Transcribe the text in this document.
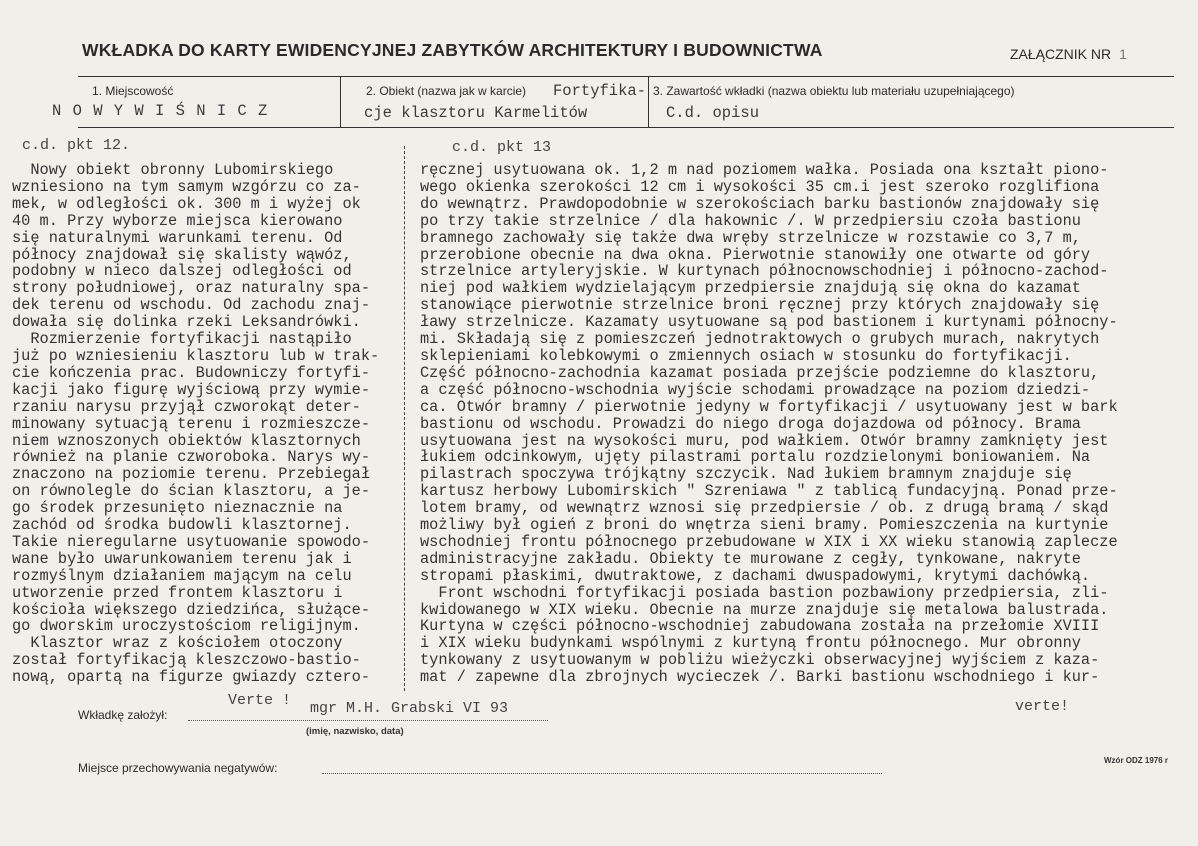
WKŁADKA DO KARTY EWIDENCYJNEJ ZABYTKÓW ARCHITEKTURY I BUDOWNICTWA	ZAŁĄCZNIK NR 1
1. Miejscowość
N O W Y W I Ś N I C Z
2. Obiekt (nazwa jak w karcie) Fortyfika-
cje klasztoru Karmelitów
3. Zawartość wkładki (nazwa obiektu lub materiału uzupełniającego)
C.d. opisu
c.d. pkt 12.	c.d. pkt 13
Nowy obiekt obronny Lubomirskiego
wzniesiono na tym samym wzgórzu co za-
mek, w odległości ok. 300 m i wyżej ok
40 m. Przy wyborze miejsca kierowano
się naturalnymi warunkami terenu. Od
północy znajdował się skalisty wąwóz,
podobny w nieco dalszej odległości od
strony południowej, oraz naturalny spa-
dek terenu od wschodu. Od zachodu znaj-
dowała się dolinka rzeki Leksandrówki.
Rozmierzenie fortyfikacji nastąpiło
już po wzniesieniu klasztoru lub w trak-
cie kończenia prac. Budowniczy fortyfi-
kacji jako figurę wyjściową przy wymie-
rzaniu narysu przyjął czworokąt deter-
minowany sytuacją terenu i rozmieszcze-
niem wznoszonych obiektów klasztornych
również na planie czworoboka. Narys wy-
znaczono na poziomie terenu. Przebiegał
on równolegle do ścian klasztoru, a je-
go środek przesunięto nieznacznie na
zachód od środka budowli klasztornej.
Takie nieregularne usytuowanie spowodo-
wane było uwarunkowaniem terenu jak i
rozmyślnym działaniem mającym na celu
utworzenie przed frontem klasztoru i
kościoła większego dziedzińca, służące-
go dworskim uroczystościom religijnym.
Klasztor wraz z kościołem otoczony
został fortyfikacją kleszczowo-bastio-
nową, opartą na figurze gwiazdy cztero-
ręcznej usytuowana ok. 1,2 m nad poziomem wałka. Posiada ona kształt piono-
wego okienka szerokości 12 cm i wysokości 35 cm.i jest szeroko rozglifiona
do wewnątrz. Prawdopodobnie w szerokościach barku bastionów znajdowały się
po trzy takie strzelnice / dla hakownic /. W przedpiersiu czoła bastionu
bramnego zachowały się także dwa wręby strzelnicze w rozstawie co 3,7 m,
przerobione obecnie na dwa okna. Pierwotnie stanowiły one otwarte od góry
strzelnice artyleryjskie. W kurtynach północnowschodniej i północno-zachod-
niej pod wałkiem wydzielającym przedpiersie znajdują się okna do kazamat
stanowiące pierwotnie strzelnice broni ręcznej przy których znajdowały się
ławy strzelnicze. Kazamaty usytuowane są pod bastionem i kurtynami północny-
mi. Składają się z pomieszczeń jednotraktowych o grubych murach, nakrytych
sklepieniami kolebkowymi o zmiennych osiach w stosunku do fortyfikacji.
Część północno-zachodnia kazamat posiada przejście podziemne do klasztoru,
a część północno-wschodnia wyjście schodami prowadzące na poziom dziedzi-
ca. Otwór bramny / pierwotnie jedyny w fortyfikacji / usytuowany jest w bark
bastionu od wschodu. Prowadzi do niego droga dojazdowa od północy. Brama
usytuowana jest na wysokości muru, pod wałkiem. Otwór bramny zamknięty jest
łukiem odcinkowym, ujęty pilastrami portalu rozdzielonymi boniowaniem. Na
pilastrach spoczywa trójkątny szczycik. Nad łukiem bramnym znajduje się
kartusz herbowy Lubomirskich " Szreniawa " z tablicą fundacyjną. Ponad prze-
lotem bramy, od wewnątrz wznosi się przedpiersie / ob. z drugą bramą / skąd
możliwy był ogień z broni do wnętrza sieni bramy. Pomieszczenia na kurtynie
wschodniej frontu północnego przebudowane w XIX i XX wieku stanowią zaplecze
administracyjne zakładu. Obiekty te murowane z cegły, tynkowane, nakryte
stropami płaskimi, dwutraktowe, z dachami dwuspadowymi, krytymi dachówką.
Front wschodni fortyfikacji posiada bastion pozbawiony przedpiersia, zli-
kwidowanego w XIX wieku. Obecnie na murze znajduje się metalowa balustrada.
Kurtyna w części północno-wschodniej zabudowana została na przełomie XVIII
i XIX wieku budynkami wspólnymi z kurtyną frontu północnego. Mur obronny
tynkowany z usytuowanym w pobliżu wieżyczki obserwacyjnej wyjściem z kaza-
mat / zapewne dla zbrojnych wycieczek /. Barki bastionu wschodniego i kur-
Verte !	verte!
Wkładkę założył:	mgr M.H. Grabski VI 93
(imię, nazwisko, data)
Miejsce przechowywania negatywów:
Wzór ODZ 1976 r
